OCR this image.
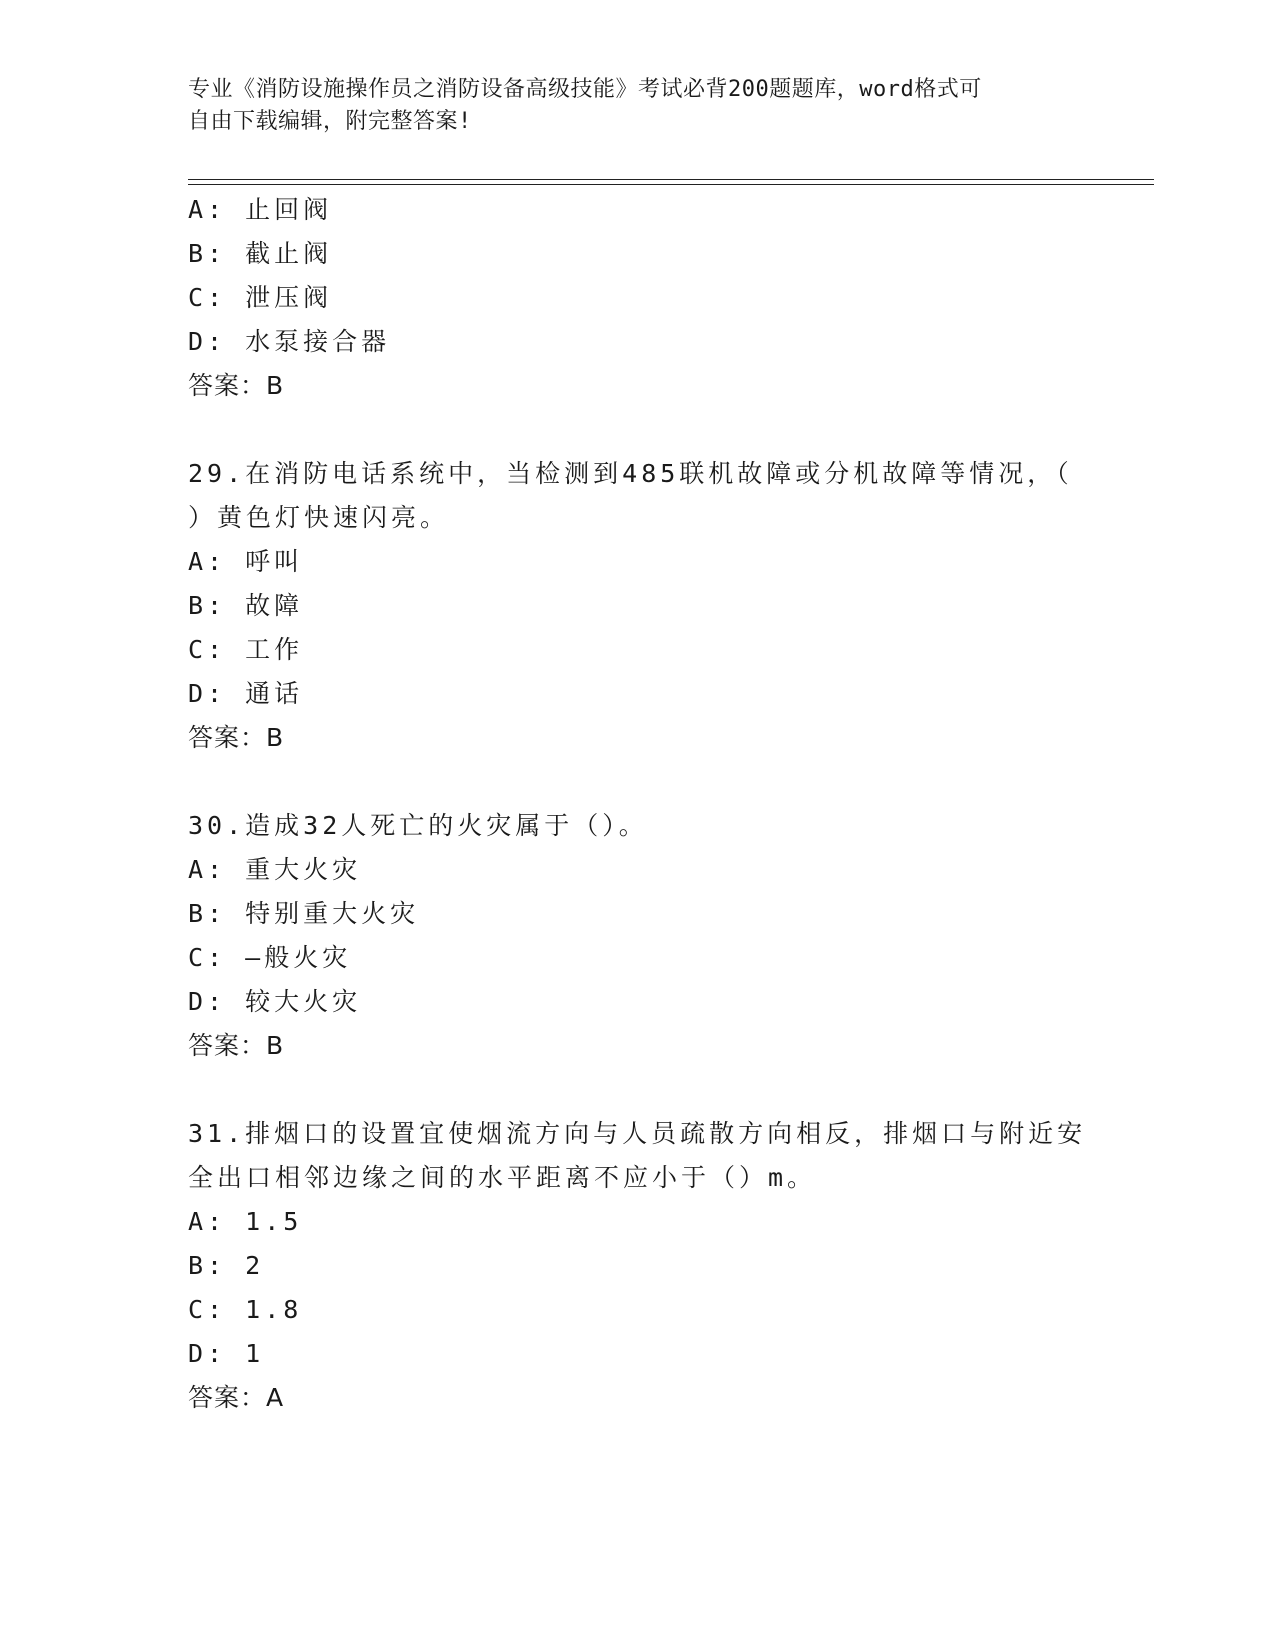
专业《消防设施操作员之消防设备高级技能》考试必背200题题库，word格式可
自由下载编辑，附完整答案!
A: 止回阀
B: 截止阀
C: 泄压阀
D: 水泵接合器
答案：B
29.在消防电话系统中，当检测到485联机故障或分机故障等情况，（
）黄色灯快速闪亮。
A: 呼叫
B: 故障
C: 工作
D: 通话
答案：B
30.造成32人死亡的火灾属于（）。
A: 重大火灾
B: 特别重大火灾
C: —般火灾
D: 较大火灾
答案：B
31.排烟口的设置宜使烟流方向与人员疏散方向相反，排烟口与附近安
全出口相邻边缘之间的水平距离不应小于（）m。
A: 1.5
B: 2
C: 1.8
D: 1
答案：A
